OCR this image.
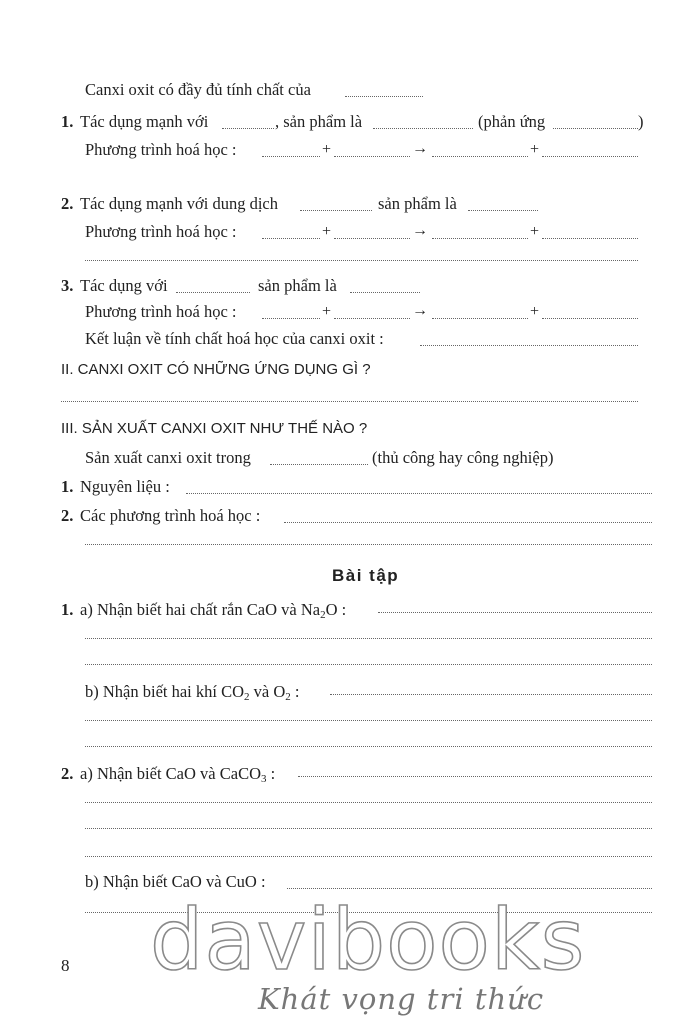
Canxi oxit có đầy đủ tính chất của
1. Tác dụng mạnh với	, sản phẩm là	(phản ứng	)
Phương trình hoá học :	+	→	+
2. Tác dụng mạnh với dung dịch	sản phẩm là
Phương trình hoá học :	+	→	+
3. Tác dụng với	sản phẩm là
Phương trình hoá học :	+	→	+
Kết luận về tính chất hoá học của canxi oxit :
II. CANXI OXIT CÓ NHỮNG ỨNG DỤNG GÌ ?
III. SẢN XUẤT CANXI OXIT NHƯ THẾ NÀO ?
Sản xuất canxi oxit trong	(thủ công hay công nghiệp)
1. Nguyên liệu :
2. Các phương trình hoá học :
Bài tập
1. a) Nhận biết hai chất rắn CaO và $Na_2O$ :
b) Nhận biết hai khí $CO_2$ và $O_2$ :
2. a) Nhận biết CaO và CaCO$_3$ :
b) Nhận biết CaO và CuO :
8 davibooks
Khát vọng tri thức
